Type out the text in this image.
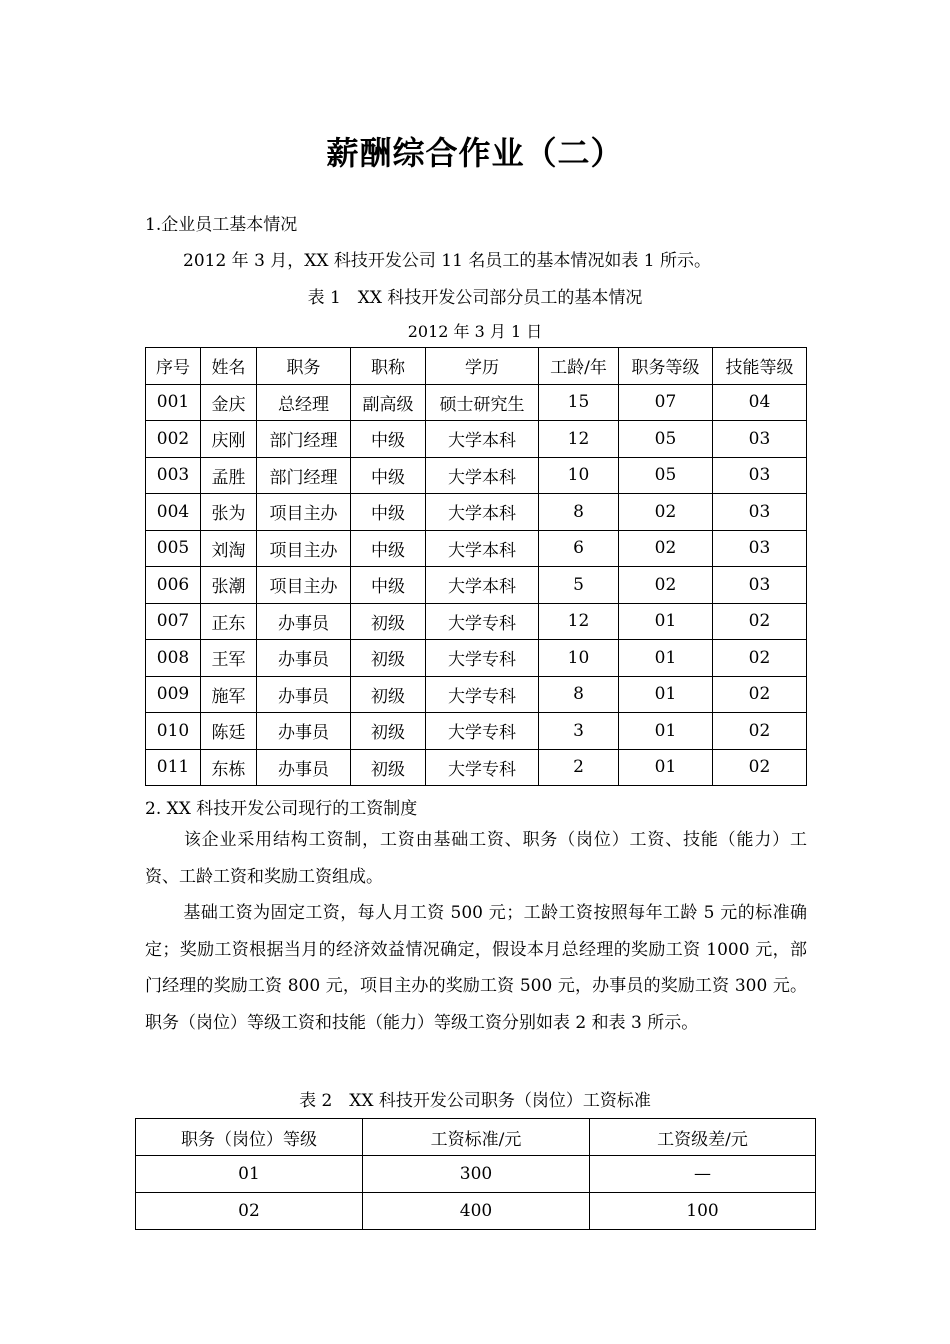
薪酬综合作业（二）
1.企业员工基本情况
2012 年 3 月，XX 科技开发公司 11 名员工的基本情况如表 1 所示。
表 1　XX 科技开发公司部分员工的基本情况
2012 年 3 月 1 日
序号	姓名	职务	职称	学历	工龄/年	职务等级	技能等级
001	金庆	总经理	副高级	硕士研究生	15	07	04
002	庆刚	部门经理	中级	大学本科	12	05	03
003	孟胜	部门经理	中级	大学本科	10	05	03
004	张为	项目主办	中级	大学本科	8	02	03
005	刘淘	项目主办	中级	大学本科	6	02	03
006	张潮	项目主办	中级	大学本科	5	02	03
007	正东	办事员	初级	大学专科	12	01	02
008	王军	办事员	初级	大学专科	10	01	02
009	施军	办事员	初级	大学专科	8	01	02
010	陈廷	办事员	初级	大学专科	3	01	02
011	东栋	办事员	初级	大学专科	2	01	02
2. XX 科技开发公司现行的工资制度
该企业采用结构工资制，工资由基础工资、职务（岗位）工资、技能（能力）工资、工龄工资和奖励工资组成。
基础工资为固定工资，每人月工资 500 元；工龄工资按照每年工龄 5 元的标准确定；奖励工资根据当月的经济效益情况确定，假设本月总经理的奖励工资 1000 元，部门经理的奖励工资 800 元，项目主办的奖励工资 500 元，办事员的奖励工资 300 元。职务（岗位）等级工资和技能（能力）等级工资分别如表 2 和表 3 所示。
表 2　XX 科技开发公司职务（岗位）工资标准
职务（岗位）等级	工资标准/元	工资级差/元
01	300	—
02	400	100
